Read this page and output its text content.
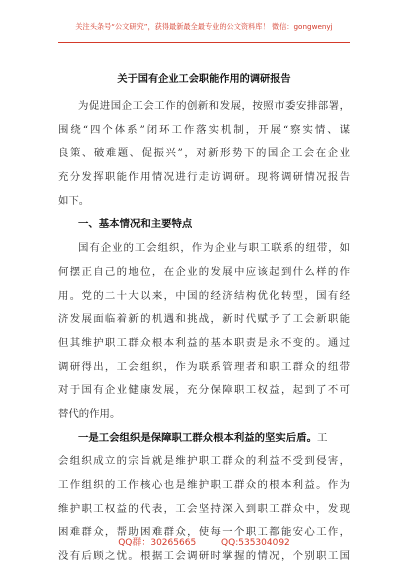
关注头条号“公文研究”，获得最新最全最专业的公文资料库！ 微信：gongwenyj
关于国有企业工会职能作用的调研报告
为促进国企工会工作的创新和发展，按照市委安排部署，
围绕“四个体系”闭环工作落实机制，开展“察实情、谋
良策、破难题、促振兴”，对新形势下的国企工会在企业
充分发挥职能作用情况进行走访调研。现将调研情况报告
如下。
一、基本情况和主要特点
国有企业的工会组织，作为企业与职工联系的纽带，如
何摆正自己的地位，在企业的发展中应该起到什么样的作
用。党的二十大以来，中国的经济结构优化转型，国有经
济发展面临着新的机遇和挑战，新时代赋予了工会新职能
但其维护职工群众根本利益的基本职责是永不变的。通过
调研得出，工会组织，作为联系管理者和职工群众的纽带
对于国有企业健康发展，充分保障职工权益，起到了不可
替代的作用。
一是工会组织是保障职工群众根本利益的坚实后盾。工
会组织成立的宗旨就是维护职工群众的利益不受到侵害，
工作组织的工作核心也是维护职工群众的根本利益。作为
维护职工权益的代表，工会坚持深入到职工群众中，发现
困难群众，帮助困难群众，使每一个职工都能安心工作，
没有后顾之忧。根据工会调研时掌握的情况，个别职工国
QQ群：30265665	QQ:535304092
